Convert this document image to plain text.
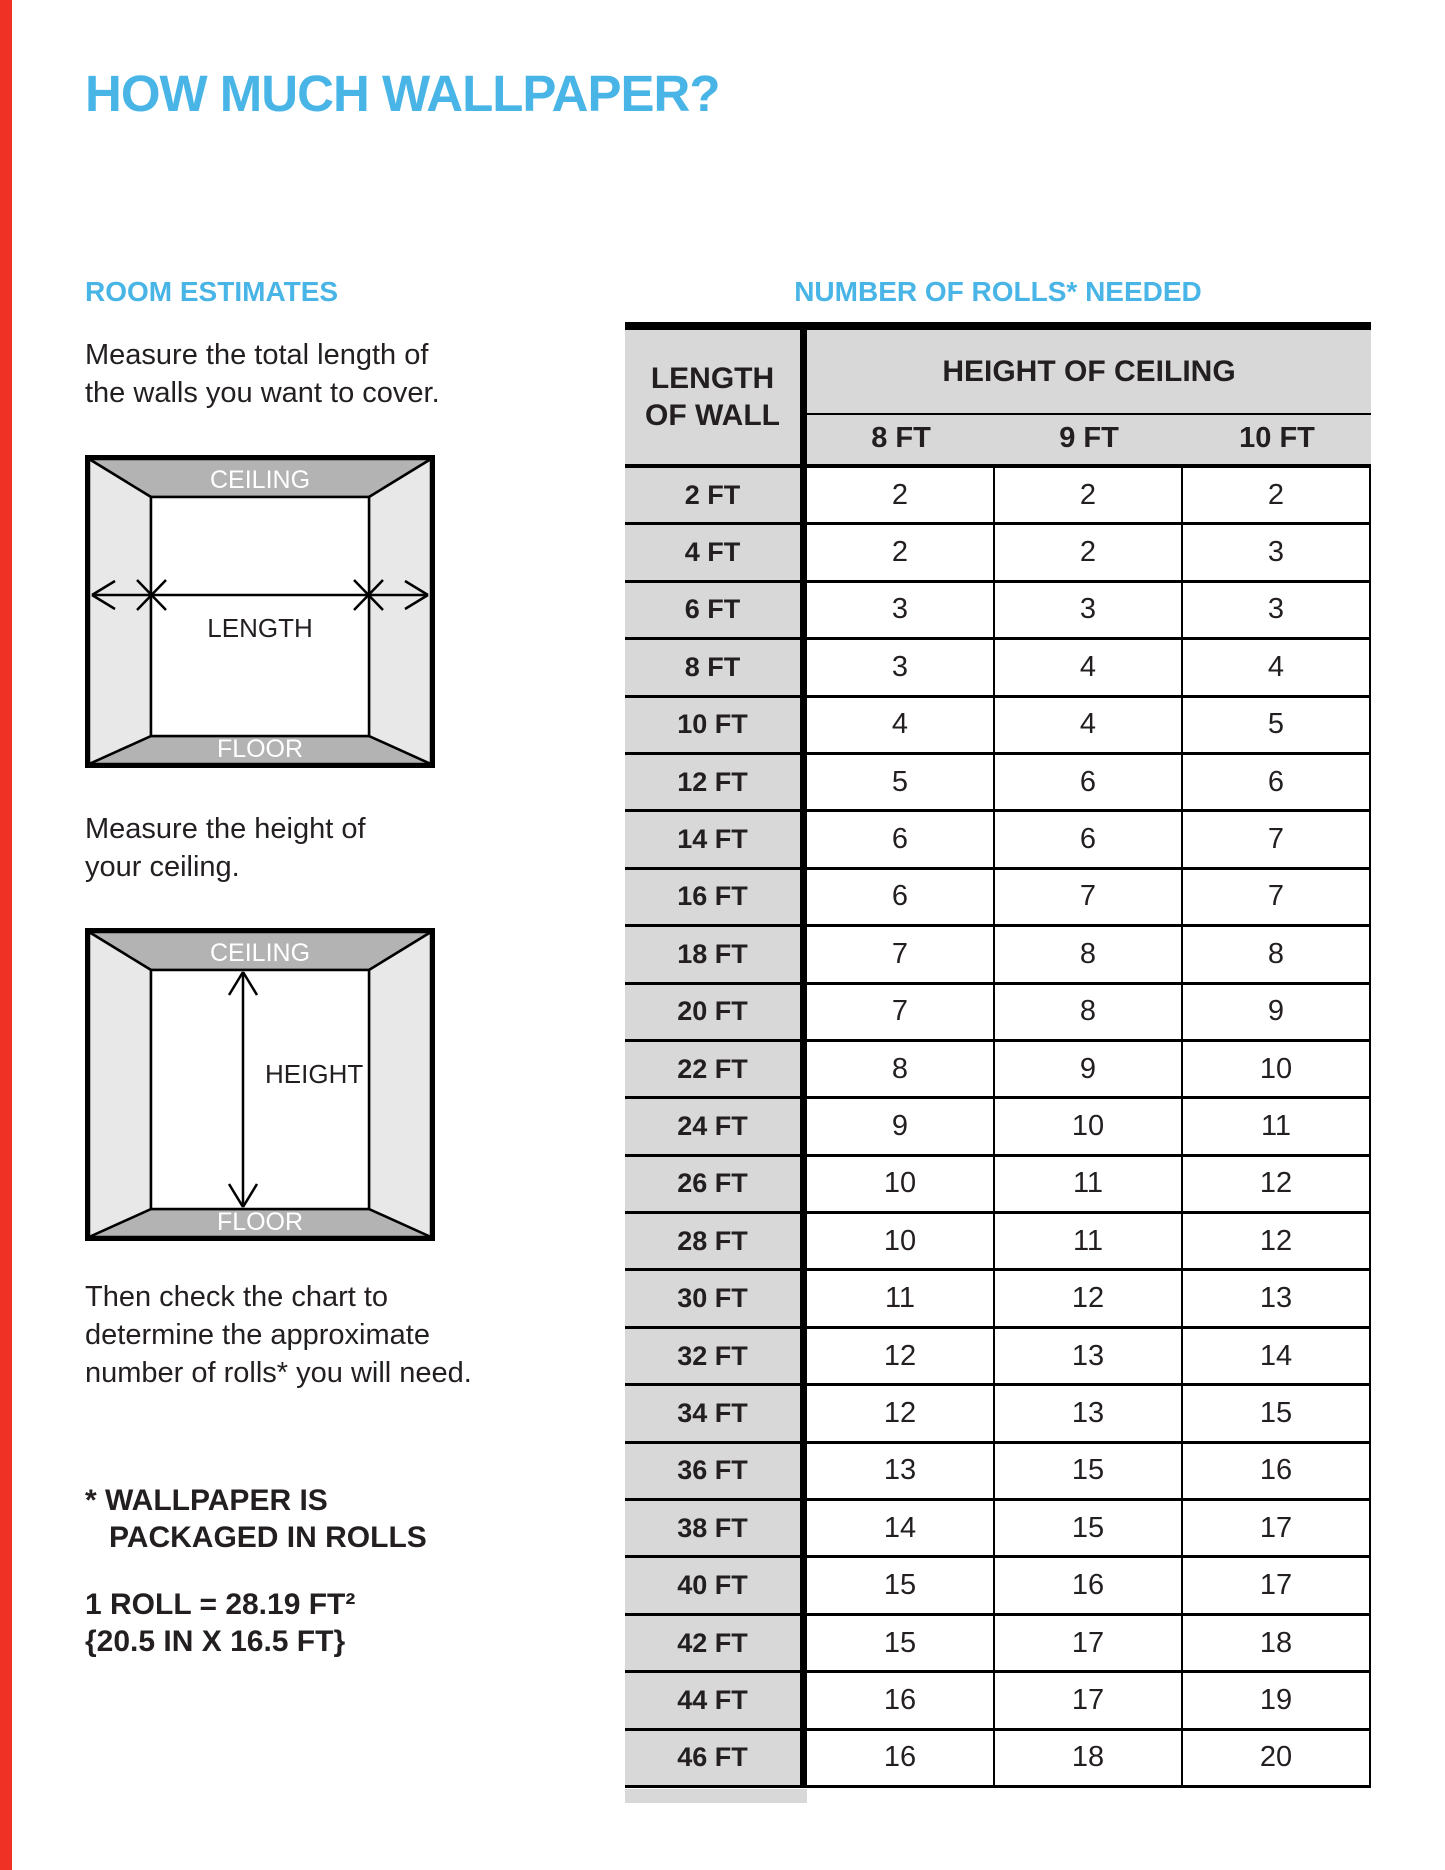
HOW MUCH WALLPAPER?
ROOM ESTIMATES	NUMBER OF ROLLS* NEEDED
Measure the total length of
the walls you want to cover.
CEILING
FLOOR
LENGTH
Measure the height of
your ceiling.
CEILING
FLOOR
HEIGHT
Then check the chart to
determine the approximate
number of rolls* you will need.
* WALLPAPER IS
PACKAGED IN ROLLS
1 ROLL = 28.19 FT²
{20.5 IN X 16.5 FT}
LENGTH
OF WALL
HEIGHT OF CEILING
8 FT	9 FT	10 FT
2 FT	2	2	2
4 FT	2	2	3
6 FT	3	3	3
8 FT	3	4	4
10 FT	4	4	5
12 FT	5	6	6
14 FT	6	6	7
16 FT	6	7	7
18 FT	7	8	8
20 FT	7	8	9
22 FT	8	9	10
24 FT	9	10	11
26 FT	10	11	12
28 FT	10	11	12
30 FT	11	12	13
32 FT	12	13	14
34 FT	12	13	15
36 FT	13	15	16
38 FT	14	15	17
40 FT	15	16	17
42 FT	15	17	18
44 FT	16	17	19
46 FT	16	18	20
